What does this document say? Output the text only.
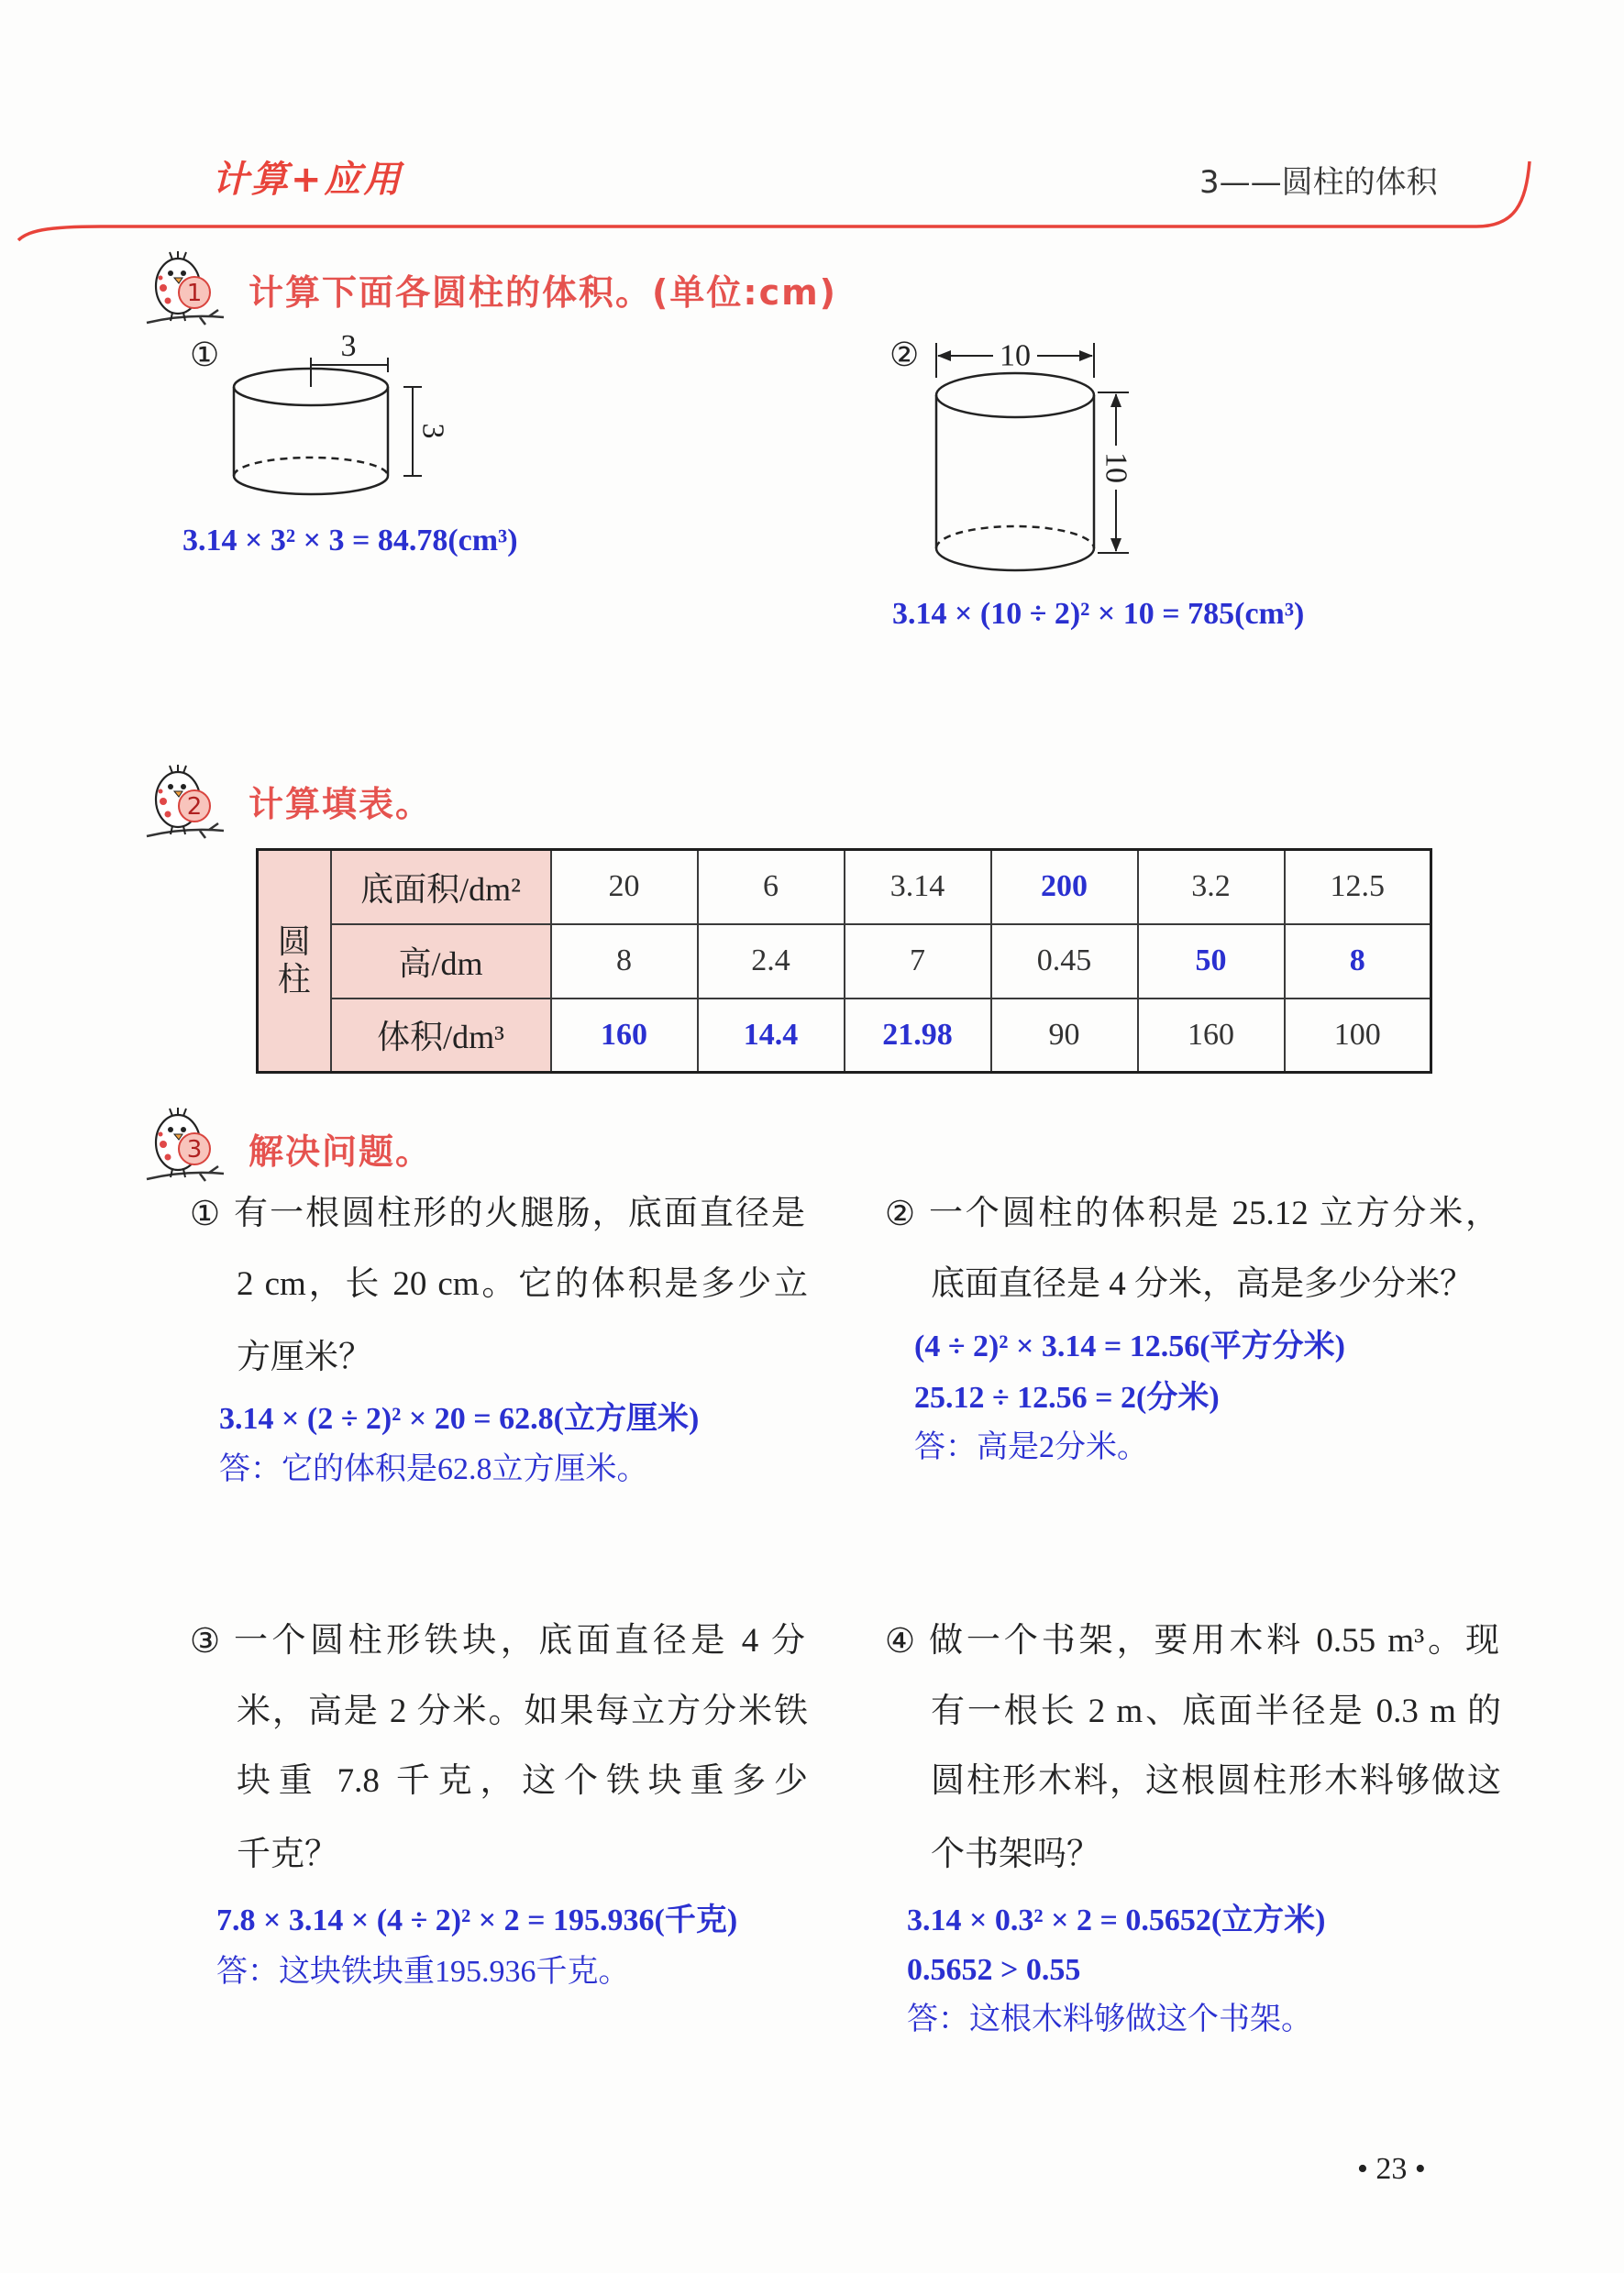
计算+应用	3——圆柱的体积
3
3
10
10
1 计算下面各圆柱的体积。(单位:cm)
①	②
3.14 × 3² × 3 = 84.78(cm³)
3.14 × (10 ÷ 2)² × 10 = 785(cm³)
2 计算填表。
圆柱	底面积/dm²	20	6	3.14	200	3.2	12.5
	高/dm	8	2.4	7	0.45	50	8
	体积/dm³	160	14.4	21.98	90	160	100
3 解决问题。
① 有一根圆柱形的火腿肠，底面直径是
2 cm，长 20 cm。它的体积是多少立
方厘米？
3.14 × (2 ÷ 2)² × 20 = 62.8(立方厘米)
答：它的体积是62.8立方厘米。
② 一个圆柱的体积是 25.12 立方分米，
底面直径是 4 分米，高是多少分米？
(4 ÷ 2)² × 3.14 = 12.56(平方分米)
25.12 ÷ 12.56 = 2(分米)
答：高是2分米。
③ 一个圆柱形铁块，底面直径是 4 分
米，高是 2 分米。如果每立方分米铁
块重 7.8 千克，这个铁块重多少
千克？
7.8 × 3.14 × (4 ÷ 2)² × 2 = 195.936(千克)
答：这块铁块重195.936千克。
④ 做一个书架，要用木料 0.55 m³。现
有一根长 2 m、底面半径是 0.3 m 的
圆柱形木料，这根圆柱形木料够做这
个书架吗？
3.14 × 0.3² × 2 = 0.5652(立方米)
0.5652 > 0.55
答：这根木料够做这个书架。
• 23 •
